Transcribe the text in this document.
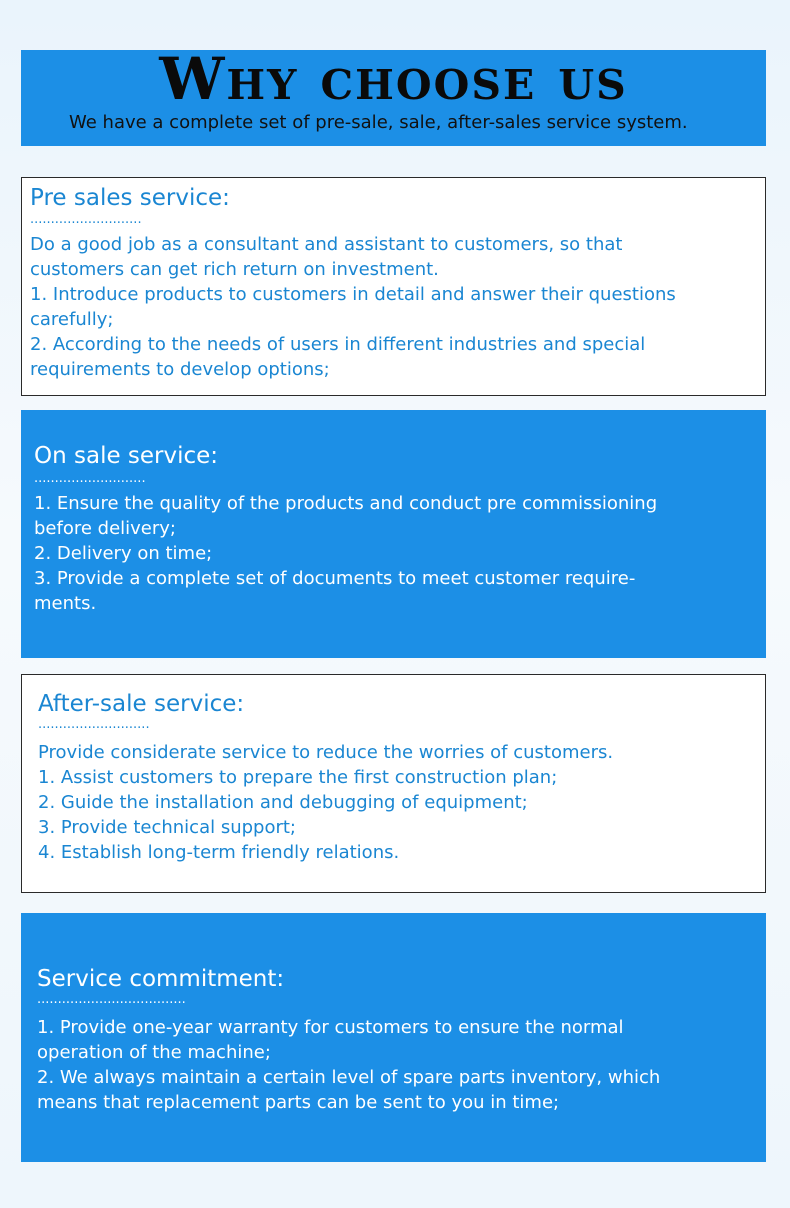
Why choose us
We have a complete set of pre-sale, sale, after-sales service system.
Pre sales service:
...........................
Do a good job as a consultant and assistant to customers, so that
customers can get rich return on investment.
1. Introduce products to customers in detail and answer their questions
carefully;
2. According to the needs of users in different industries and special
requirements to develop options;
On sale service:
...........................
1. Ensure the quality of the products and conduct pre commissioning
before delivery;
2. Delivery on time;
3. Provide a complete set of documents to meet customer require-
ments.
After-sale service:
...........................
Provide considerate service to reduce the worries of customers.
1. Assist customers to prepare the first construction plan;
2. Guide the installation and debugging of equipment;
3. Provide technical support;
4. Establish long-term friendly relations.
Service commitment:
....................................
1. Provide one-year warranty for customers to ensure the normal
operation of the machine;
2. We always maintain a certain level of spare parts inventory, which
means that replacement parts can be sent to you in time;
